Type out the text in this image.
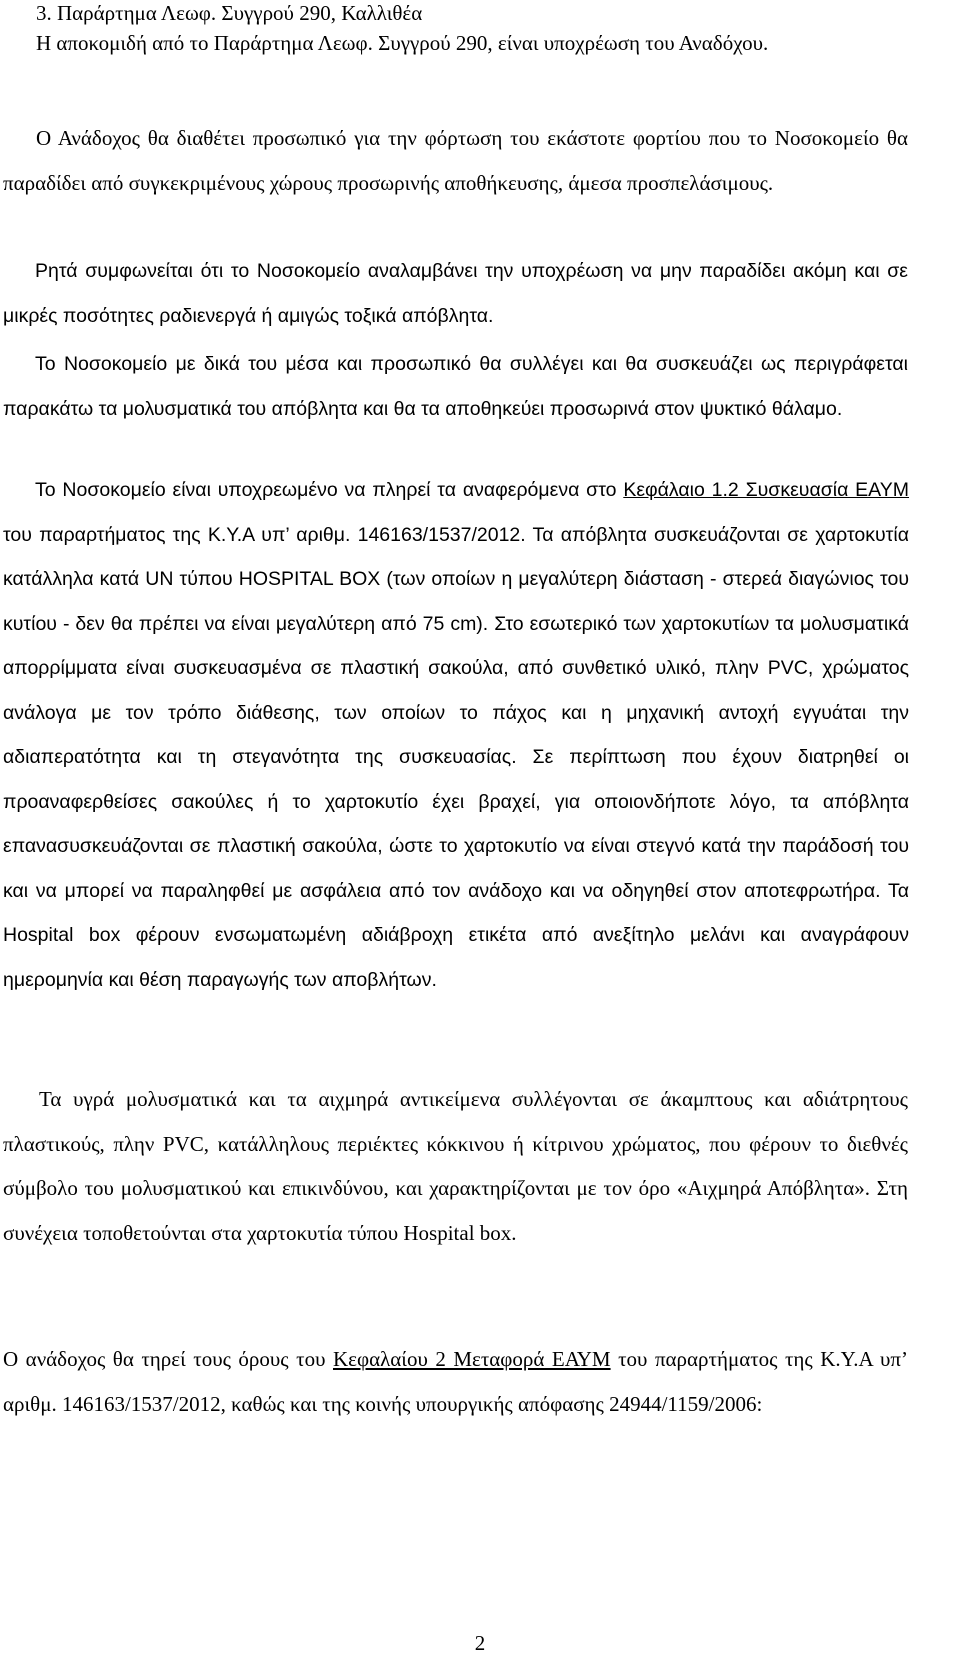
3. Παράρτημα Λεωφ. Συγγρού 290, Καλλιθέα

Η αποκομιδή από το Παράρτημα Λεωφ. Συγγρού 290, είναι υποχρέωση του Αναδόχου.

Ο Ανάδοχος θα διαθέτει προσωπικό για την φόρτωση του εκάστοτε φορτίου που το Νοσοκομείο θα παραδίδει από συγκεκριμένους χώρους προσωρινής αποθήκευσης, άμεσα προσπελάσιμους.

Ρητά συμφωνείται ότι το Νοσοκομείο αναλαμβάνει την υποχρέωση να μην παραδίδει ακόμη και σε μικρές ποσότητες ραδιενεργά ή αμιγώς τοξικά απόβλητα.

Το Νοσοκομείο με δικά του μέσα και προσωπικό θα συλλέγει και θα συσκευάζει ως περιγράφεται παρακάτω τα μολυσματικά του απόβλητα και θα τα αποθηκεύει προσωρινά στον ψυκτικό θάλαμο.

Το Νοσοκομείο είναι υποχρεωμένο να πληρεί τα αναφερόμενα στο Κεφάλαιο 1.2 Συσκευασία ΕΑΥΜ του παραρτήματος της Κ.Υ.Α υπ’ αριθμ. 146163/1537/2012. Τα απόβλητα συσκευάζονται σε χαρτοκυτία κατάλληλα κατά UN τύπου HOSPITAL BOX (των οποίων η μεγαλύτερη διάσταση - στερεά διαγώνιος του κυτίου - δεν θα πρέπει να είναι μεγαλύτερη από 75 cm). Στο εσωτερικό των χαρτοκυτίων τα μολυσματικά απορρίμματα είναι συσκευασμένα σε πλαστική σακούλα, από συνθετικό υλικό, πλην PVC, χρώματος ανάλογα με τον τρόπο διάθεσης, των οποίων το πάχος και η μηχανική αντοχή εγγυάται την αδιαπερατότητα και τη στεγανότητα της συσκευασίας. Σε περίπτωση που έχουν διατρηθεί οι προαναφερθείσες σακούλες ή το χαρτοκυτίο έχει βραχεί, για οποιονδήποτε λόγο, τα απόβλητα επανασυσκευάζονται σε πλαστική σακούλα, ώστε το χαρτοκυτίο να είναι στεγνό κατά την παράδοσή του και να μπορεί να παραληφθεί με ασφάλεια από τον ανάδοχο και να οδηγηθεί στον αποτεφρωτήρα. Τα Hospital box φέρουν ενσωματωμένη αδιάβροχη ετικέτα από ανεξίτηλο μελάνι και αναγράφουν ημερομηνία και θέση παραγωγής των αποβλήτων.

Τα υγρά μολυσματικά και τα αιχμηρά αντικείμενα συλλέγονται σε άκαμπτους και αδιάτρητους πλαστικούς, πλην PVC, κατάλληλους περιέκτες κόκκινου ή κίτρινου χρώματος, που φέρουν το διεθνές σύμβολο του μολυσματικού και επικινδύνου, και χαρακτηρίζονται με τον όρο «Αιχμηρά Απόβλητα». Στη συνέχεια τοποθετούνται στα χαρτοκυτία τύπου Hospital box.

Ο ανάδοχος θα τηρεί τους όρους του Κεφαλαίου 2 Μεταφορά ΕΑΥΜ του παραρτήματος της Κ.Υ.Α υπ’ αριθμ. 146163/1537/2012, καθώς και της κοινής υπουργικής απόφασης 24944/1159/2006:

2
